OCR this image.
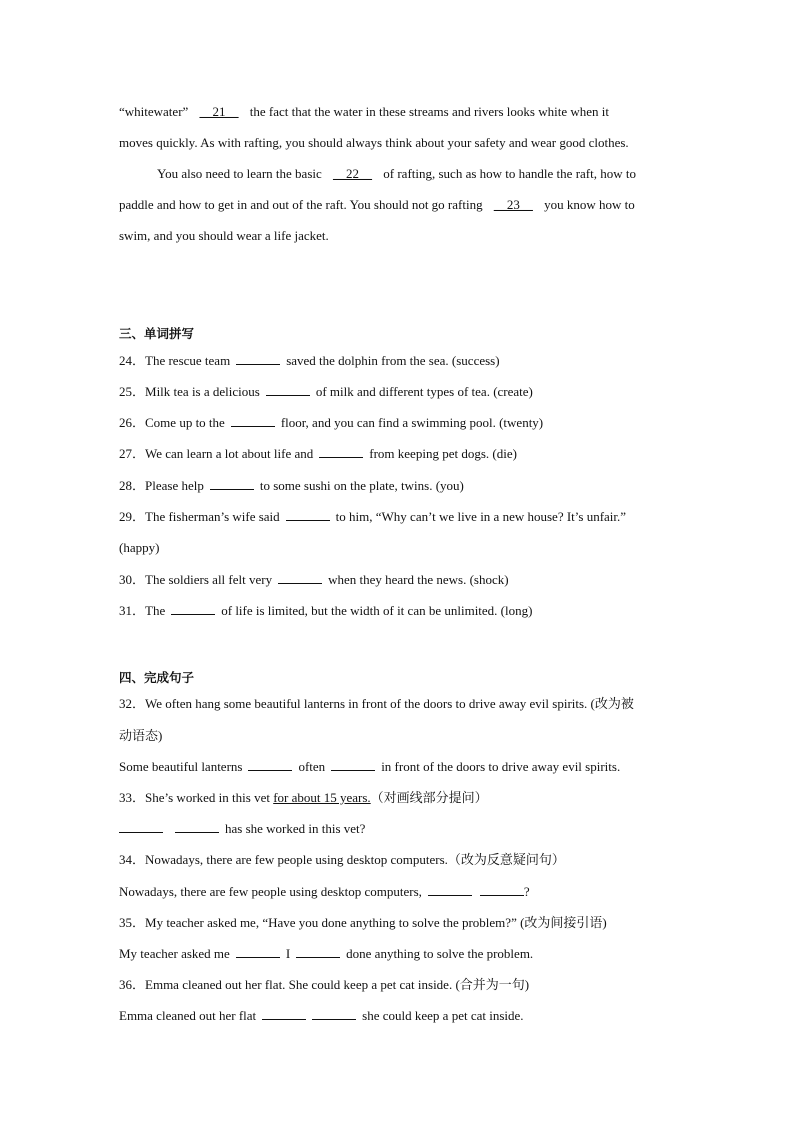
“whitewater” __21__ the fact that the water in these streams and rivers looks white when it
moves quickly. As with rafting, you should always think about your safety and wear good clothes.
You also need to learn the basic __22__ of rafting, such as how to handle the raft, how to
paddle and how to get in and out of the raft. You should not go rafting __23__ you know how to
swim, and you should wear a life jacket.
三、单词拼写
24．The rescue team	saved the dolphin from the sea. (success)
25．Milk tea is a delicious	of milk and different types of tea. (create)
26．Come up to the	floor, and you can find a swimming pool. (twenty)
27．We can learn a lot about life and	from keeping pet dogs. (die)
28．Please help	to some sushi on the plate, twins. (you)
29．The fisherman’s wife said	to him, “Why can’t we live in a new house? It’s unfair.”
(happy)
30．The soldiers all felt very	when they heard the news. (shock)
31．The	of life is limited, but the width of it can be unlimited. (long)
四、完成句子
32．We often hang some beautiful lanterns in front of the doors to drive away evil spirits. (改为被
动语态)
Some beautiful lanterns	often	in front of the doors to drive away evil spirits.
33．She’s worked in this vet for about 15 years.（对画线部分提问）
has she worked in this vet?
34．Nowadays, there are few people using desktop computers.（改为反意疑问句）
Nowadays, there are few people using desktop computers,	?
35．My teacher asked me, “Have you done anything to solve the problem?” (改为间接引语)
My teacher asked me	I	done anything to solve the problem.
36．Emma cleaned out her flat. She could keep a pet cat inside. (合并为一句)
Emma cleaned out her flat	she could keep a pet cat inside.
